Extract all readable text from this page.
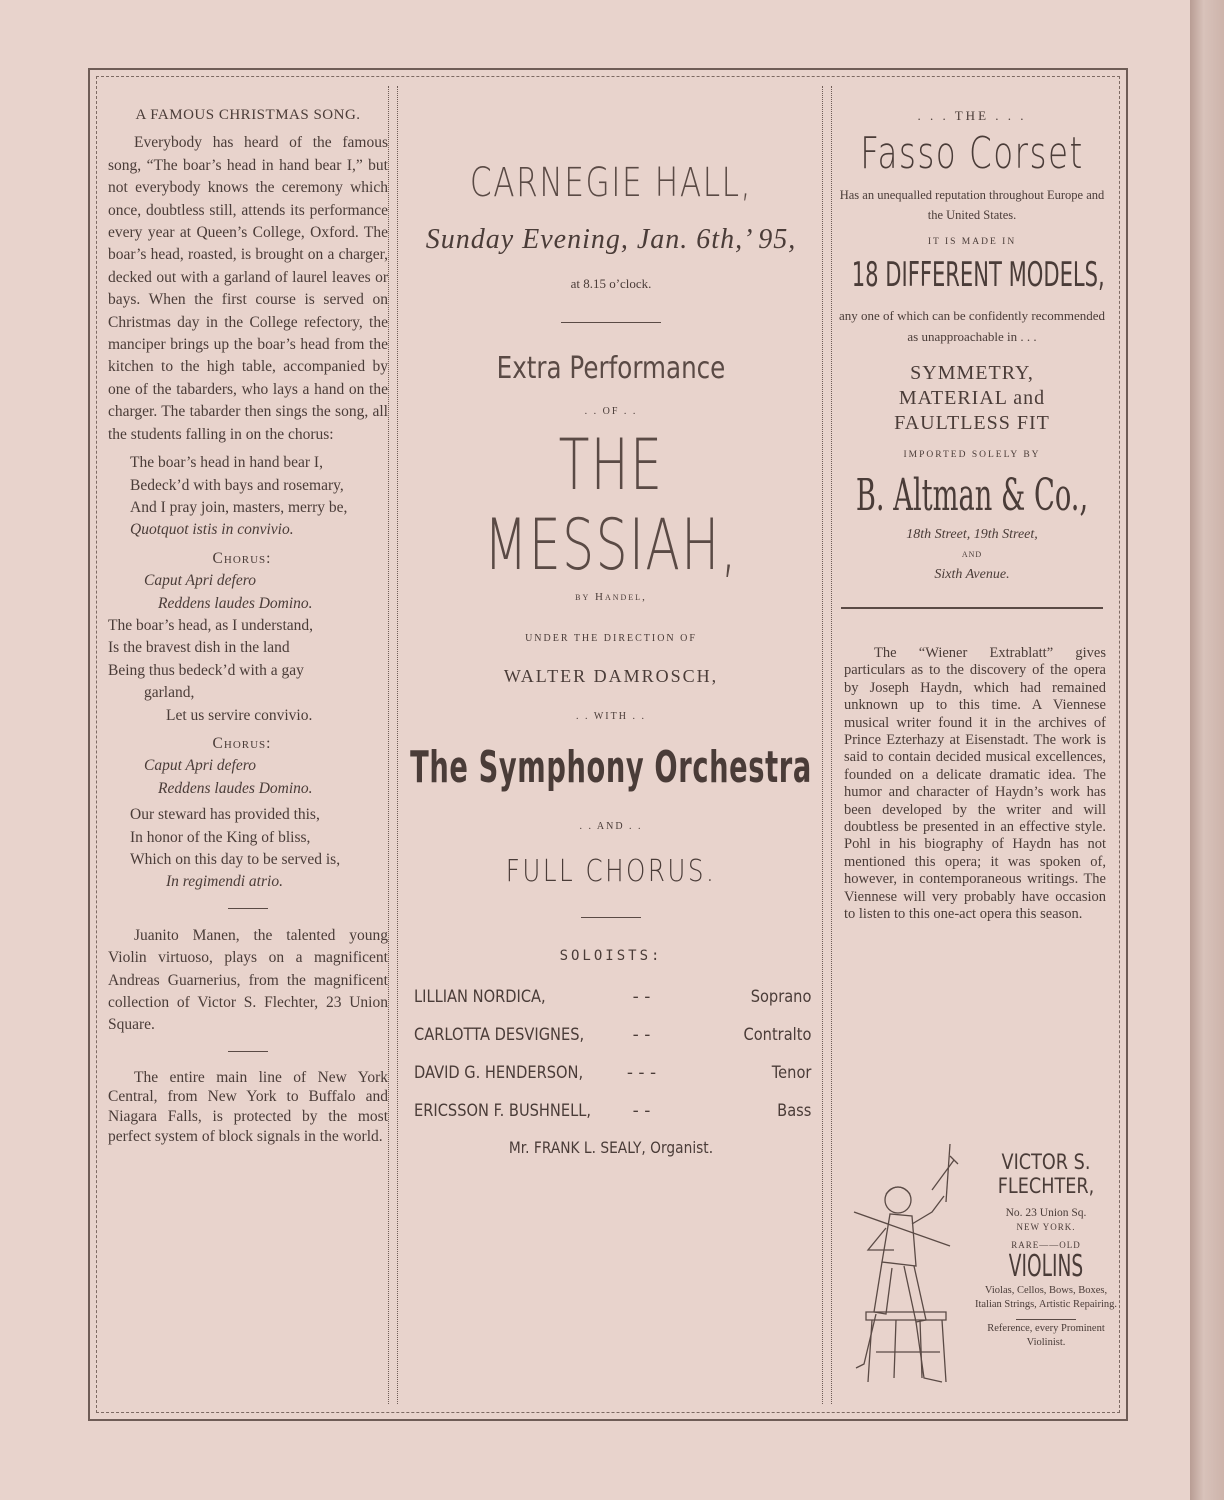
A FAMOUS CHRISTMAS SONG.

Everybody has heard of the famous song, “The boar’s head in hand bear I,” but not everybody knows the ceremony which once, doubtless still, attends its performance every year at Queen’s College, Oxford. The boar’s head, roasted, is brought on a charger, decked out with a garland of laurel leaves or bays. When the first course is served on Christmas day in the College refectory, the manciper brings up the boar’s head from the kitchen to the high table, accompanied by one of the tabarders, who lays a hand on the charger. The tabarder then sings the song, all the students falling in on the chorus:

The boar’s head in hand bear I,
Bedeck’d with bays and rosemary,
And I pray join, masters, merry be,
Quotquot istis in convivio.
Chorus:
Caput Apri defero
Reddens laudes Domino.
The boar’s head, as I understand,
Is the bravest dish in the land
Being thus bedeck’d with a gay
garland,
Let us servire convivio.
Chorus:
Caput Apri defero
Reddens laudes Domino.
Our steward has provided this,
In honor of the King of bliss,
Which on this day to be served is,
In regimendi atrio.

Juanito Manen, the talented young Violin virtuoso, plays on a magnificent Andreas Guarnerius, from the magnificent collection of Victor S. Flechter, 23 Union Square.

The entire main line of New York Central, from New York to Buffalo and Niagara Falls, is protected by the most perfect system of block signals in the world.

CARNEGIE HALL,
Sunday Evening, Jan. 6th,’ 95,
at 8.15 o’clock.
Extra Performance
. . OF . .
THE MESSIAH,
by Handel,
UNDER THE DIRECTION OF
WALTER DAMROSCH,
. . WITH . .
The Symphony Orchestra
. . AND . .
FULL CHORUS.
SOLOISTS:
LILLIAN NORDICA,	- -	Soprano
CARLOTTA DESVIGNES,	- -	Contralto
DAVID G. HENDERSON,	- - -	Tenor
ERICSSON F. BUSHNELL,	- -	Bass
Mr. FRANK L. SEALY, Organist.
. . . THE . . .
Fasso Corset
Has an unequalled reputation throughout Europe and the United States.
IT IS MADE IN
18 DIFFERENT MODELS,
any one of which can be confidently recommended as unapproachable in . . .
SYMMETRY,
MATERIAL and
FAULTLESS FIT
IMPORTED SOLELY BY
B. Altman & Co.,
18th Street, 19th Street,
AND
Sixth Avenue.
The “Wiener Extrablatt” gives particulars as to the discovery of the opera by Joseph Haydn, which had remained unknown up to this time. A Viennese musical writer found it in the archives of Prince Ezterhazy at Eisenstadt. The work is said to contain decided musical excellences, founded on a delicate dramatic idea. The humor and character of Haydn’s work has been developed by the writer and will doubtless be presented in an effective style. Pohl in his biography of Haydn has not mentioned this opera; it was spoken of, however, in contemporaneous writings. The Viennese will very probably have occasion to listen to this one-act opera this season.
VICTOR S.
FLECHTER,
No. 23 Union Sq.
NEW YORK.
RARE——OLD
VIOLINS
Violas, Cellos, Bows, Boxes, Italian Strings, Artistic Repairing.
Reference, every Prominent Violinist.
